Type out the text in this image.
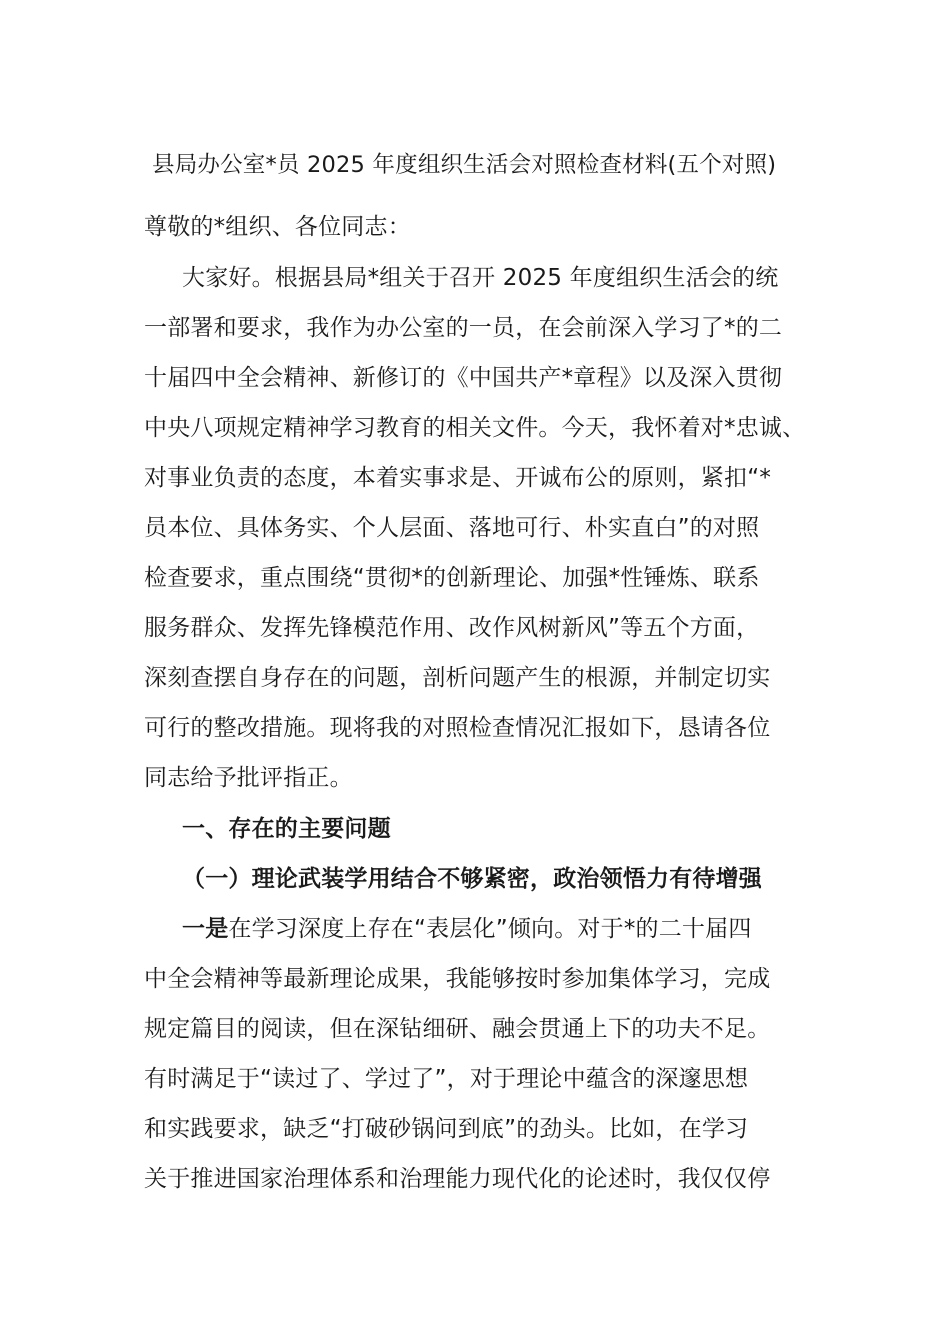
县局办公室*员 2025 年度组织生活会对照检查材料(五个对照)
尊敬的*组织、各位同志：
大家好。根据县局*组关于召开 2025 年度组织生活会的统
一部署和要求，我作为办公室的一员，在会前深入学习了*的二
十届四中全会精神、新修订的《中国共产*章程》以及深入贯彻
中央八项规定精神学习教育的相关文件。今天，我怀着对*忠诚、
对事业负责的态度，本着实事求是、开诚布公的原则，紧扣“*
员本位、具体务实、个人层面、落地可行、朴实直白”的对照
检查要求，重点围绕“贯彻*的创新理论、加强*性锤炼、联系
服务群众、发挥先锋模范作用、改作风树新风”等五个方面，
深刻查摆自身存在的问题，剖析问题产生的根源，并制定切实
可行的整改措施。现将我的对照检查情况汇报如下，恳请各位
同志给予批评指正。
一、存在的主要问题
（一）理论武装学用结合不够紧密，政治领悟力有待增强
一是在学习深度上存在“表层化”倾向。对于*的二十届四
中全会精神等最新理论成果，我能够按时参加集体学习，完成
规定篇目的阅读，但在深钻细研、融会贯通上下的功夫不足。
有时满足于“读过了、学过了”，对于理论中蕴含的深邃思想
和实践要求，缺乏“打破砂锅问到底”的劲头。比如，在学习
关于推进国家治理体系和治理能力现代化的论述时，我仅仅停
